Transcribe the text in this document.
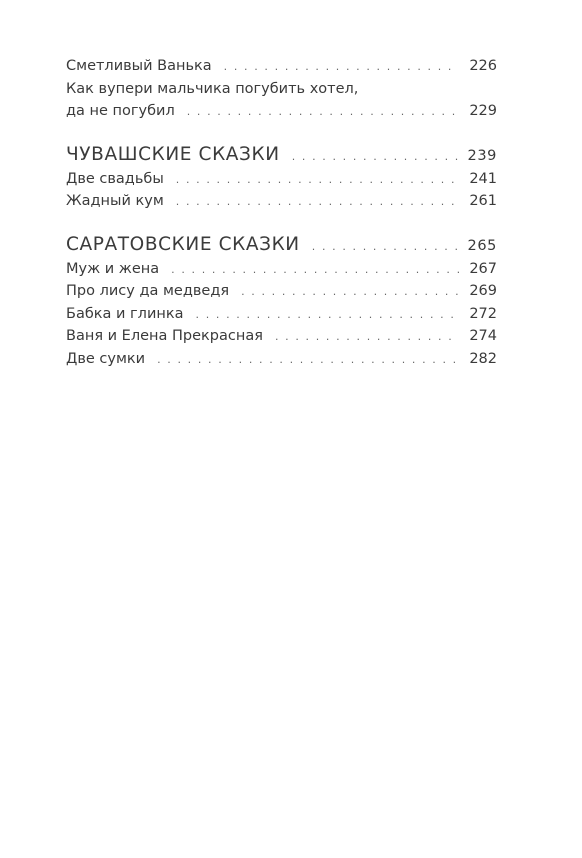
Сметливый Ванька . . .	226
Как вупери мальчика погубить хотел,
да не погубил . . .	229
ЧУВАШСКИЕ СКАЗКИ . . .	239
Две свадьбы . . .	241
Жадный кум . . .	261
САРАТОВСКИЕ СКАЗКИ . . .	265
Муж и жена . . .	267
Про лису да медведя . . .	269
Бабка и глинка . . .	272
Ваня и Елена Прекрасная . . .	274
Две сумки . . .	282
